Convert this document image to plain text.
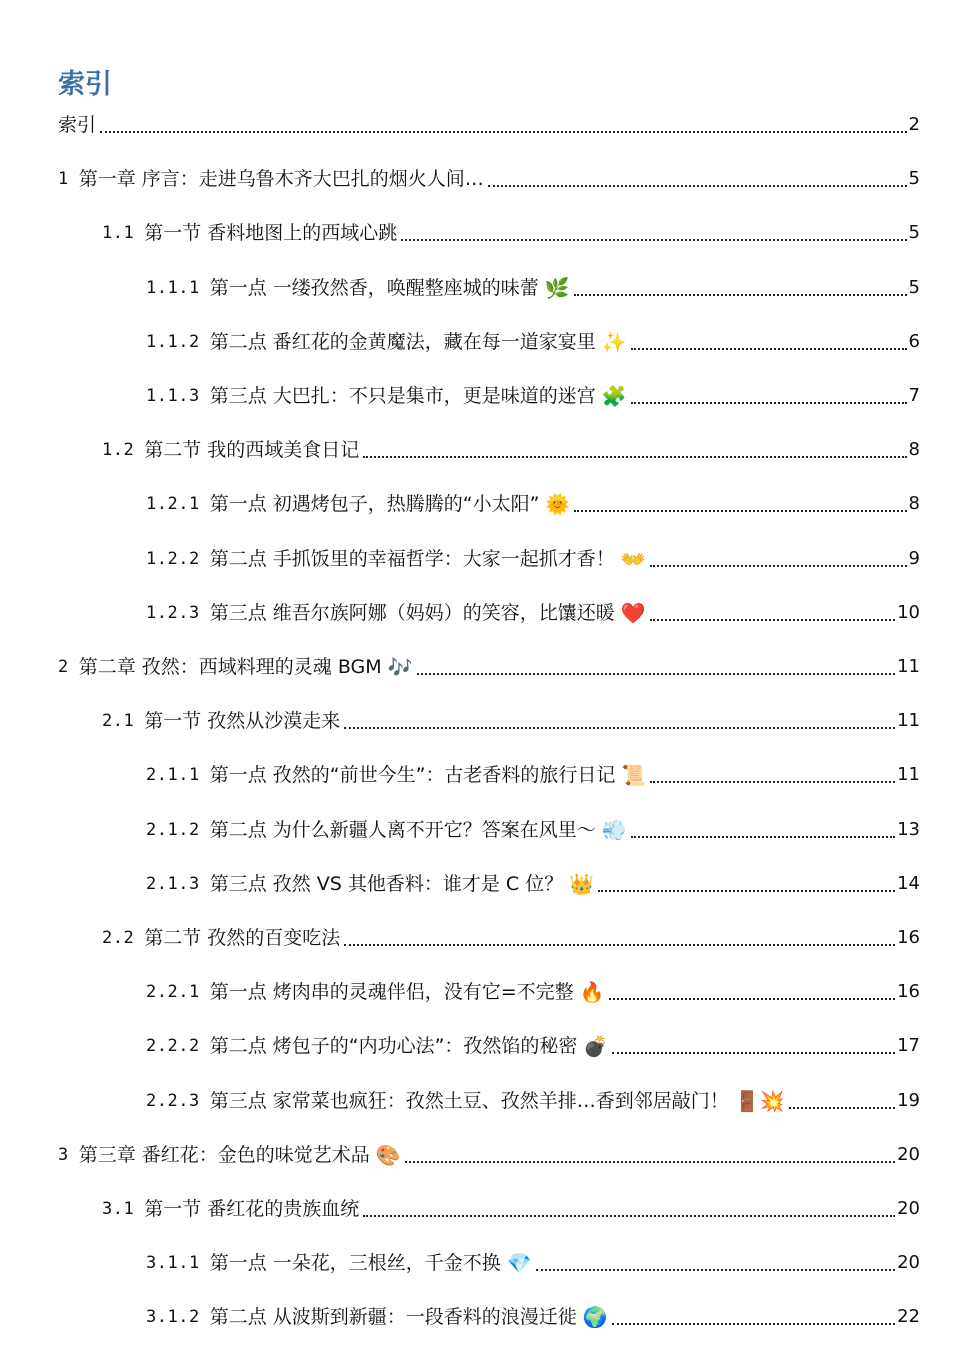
索引
索引	2
1 第一章 序言：走进乌鲁木齐大巴扎的烟火人间…	5
1.1 第一节 香料地图上的西域心跳	5
1.1.1 第一点 一缕孜然香，唤醒整座城的味蕾 🌿	5
1.1.2 第二点 番红花的金黄魔法，藏在每一道家宴里 ✨	6
1.1.3 第三点 大巴扎：不只是集市，更是味道的迷宫 🧩	7
1.2 第二节 我的西域美食日记	8
1.2.1 第一点 初遇烤包子，热腾腾的“小太阳” 🌞	8
1.2.2 第二点 手抓饭里的幸福哲学：大家一起抓才香！ 👐	9
1.2.3 第三点 维吾尔族阿娜（妈妈）的笑容，比馕还暖 ❤️	10
2 第二章 孜然：西域料理的灵魂 BGM 🎶	11
2.1 第一节 孜然从沙漠走来	11
2.1.1 第一点 孜然的“前世今生”：古老香料的旅行日记 📜	11
2.1.2 第二点 为什么新疆人离不开它？答案在风里～ 💨	13
2.1.3 第三点 孜然 VS 其他香料：谁才是 C 位？ 👑	14
2.2 第二节 孜然的百变吃法	16
2.2.1 第一点 烤肉串的灵魂伴侣，没有它=不完整 🔥	16
2.2.2 第二点 烤包子的“内功心法”：孜然馅的秘密 💣	17
2.2.3 第三点 家常菜也疯狂：孜然土豆、孜然羊排…香到邻居敲门！ 🚪💥	19
3 第三章 番红花：金色的味觉艺术品 🎨	20
3.1 第一节 番红花的贵族血统	20
3.1.1 第一点 一朵花，三根丝，千金不换 💎	20
3.1.2 第二点 从波斯到新疆：一段香料的浪漫迁徙 🌍	22
